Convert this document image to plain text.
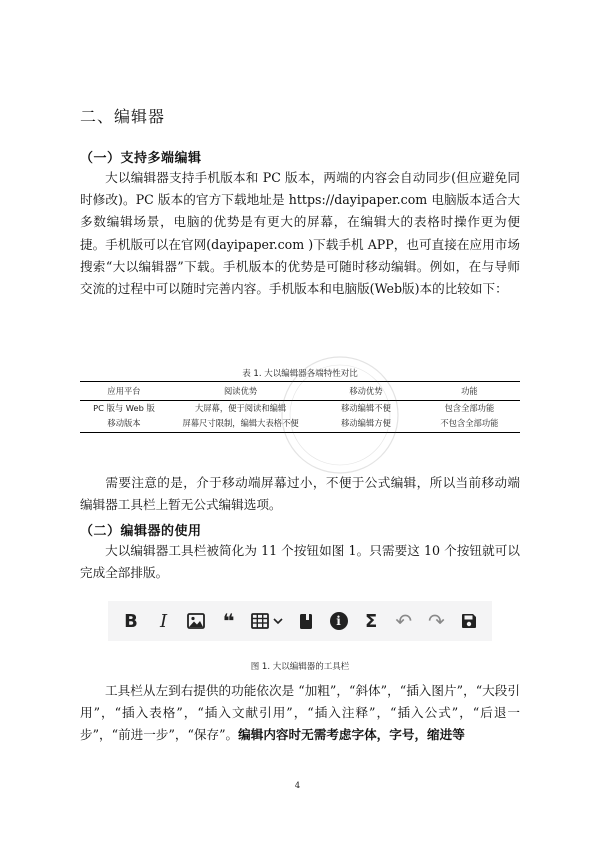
二、编辑器
（一）支持多端编辑
大以编辑器支持手机版本和 PC 版本，两端的内容会自动同步(但应避免同时修改)。PC 版本的官方下载地址是 https://dayipaper.com 电脑版本适合大多数编辑场景，电脑的优势是有更大的屏幕，在编辑大的表格时操作更为便捷。手机版可以在官网(dayipaper.com )下载手机 APP，也可直接在应用市场搜索“大以编辑器”下载。手机版本的优势是可随时移动编辑。例如，在与导师交流的过程中可以随时完善内容。手机版本和电脑版(Web版)本的比较如下：
表 1. 大以编辑器各端特性对比
应用平台	阅读优势	移动优势	功能
PC 版与 Web 版	大屏幕，便于阅读和编辑	移动编辑不便	包含全部功能
移动版本	屏幕尺寸限制，编辑大表格不便	移动编辑方便	不包含全部功能
需要注意的是，介于移动端屏幕过小，不便于公式编辑，所以当前移动端编辑器工具栏上暂无公式编辑选项。
（二）编辑器的使用
大以编辑器工具栏被简化为 11 个按钮如图 1。只需要这 10 个按钮就可以完成全部排版。
B I	❝	i	Σ ↶ ↷
图 1. 大以编辑器的工具栏
工具栏从左到右提供的功能依次是 “加粗”，“斜体”，“插入图片”，“大段引用”，“插入表格”，“插入文献引用”，“插入注释”，“插入公式”，“后退一步”，“前进一步”，“保存”。编辑内容时无需考虑字体，字号，缩进等
4
